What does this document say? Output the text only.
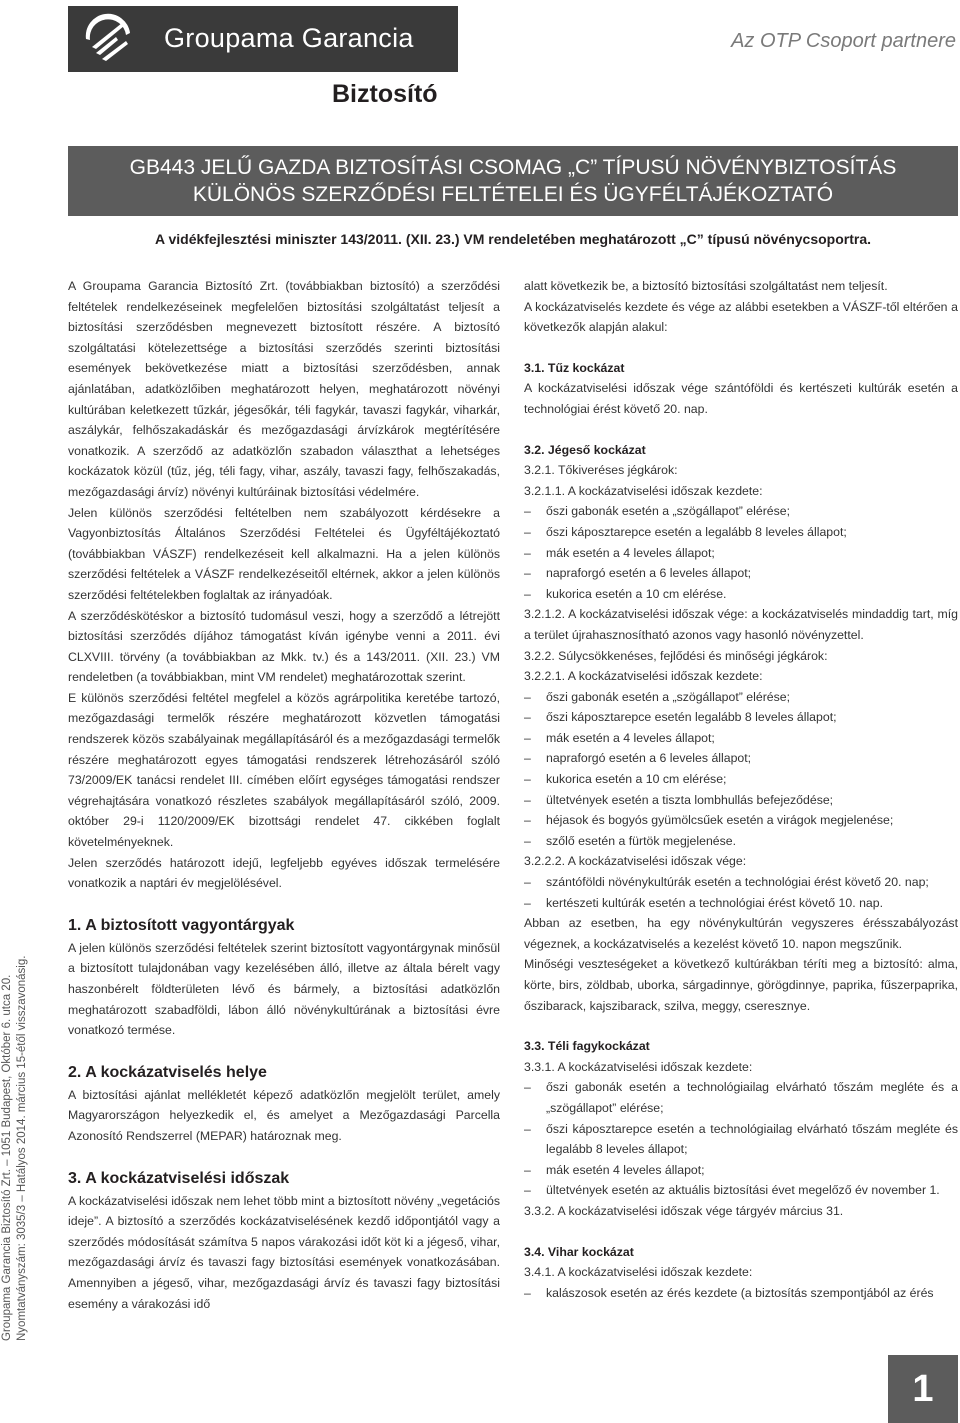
Groupama Garancia	Az OTP Csoport partnere
Biztosító
GB443 JELŰ GAZDA BIZTOSÍTÁSI CSOMAG „C” TÍPUSÚ NÖVÉNYBIZTOSÍTÁS
KÜLÖNÖS SZERZŐDÉSI FELTÉTELEI ÉS ÜGYFÉLTÁJÉKOZTATÓ
A vidékfejlesztési miniszter 143/2011. (XII. 23.) VM rendeletében meghatározott „C” típusú növénycsoportra.
Groupama Garancia Biztosító Zrt. – 1051 Budapest, Október 6. utca 20. Nyomtatványszám: 3035/3 – Hatályos 2014. március 15-étől visszavonásig.

A Groupama Garancia Biztosító Zrt. (továbbiakban biztosító) a szerződési feltételek rendelkezéseinek megfelelően biztosítási szolgáltatást teljesít a biztosítási szerződésben megnevezett biztosított részére. A biztosító szolgáltatási kötelezettsége a biztosítási szerződés szerinti biztosítási események bekövetkezése miatt a biztosítási szerződésben, annak ajánlatában, adatközlőiben meghatározott helyen, meghatározott növényi kultúrában keletkezett tűzkár, jégesőkár, téli fagykár, tavaszi fagykár, viharkár, aszálykár, felhőszakadáskár és mezőgazdasági árvízkárok megtérítésére vonatkozik. A szerződő az adatközlőn szabadon választhat a lehetséges kockázatok közül (tűz, jég, téli fagy, vihar, aszály, tavaszi fagy, felhőszakadás, mezőgazdasági árvíz) növényi kultúráinak biztosítási védelmére.

Jelen különös szerződési feltételben nem szabályozott kérdésekre a Vagyonbiztosítás Általános Szerződési Feltételei és Ügyféltájékoztató (továbbiakban VÁSZF) rendelkezéseit kell alkalmazni. Ha a jelen különös szerződési feltételek a VÁSZF rendelkezéseitől eltérnek, akkor a jelen különös szerződési feltételekben foglaltak az irányadóak.

A szerződéskötéskor a biztosító tudomásul veszi, hogy a szerződő a létrejött biztosítási szerződés díjához támogatást kíván igénybe venni a 2011. évi CLXVIII. törvény (a továbbiakban az Mkk. tv.) és a 143/2011. (XII. 23.) VM rendeletben (a továbbiakban, mint VM rendelet) meghatározottak szerint.

E különös szerződési feltétel megfelel a közös agrárpolitika keretébe tartozó, mezőgazdasági termelők részére meghatározott közvetlen támogatási rendszerek közös szabályainak megállapításáról és a mezőgazdasági termelők részére meghatározott egyes támogatási rendszerek létrehozásáról szóló 73/2009/EK tanácsi rendelet III. címében előírt egységes támogatási rendszer végrehajtására vonatkozó részletes szabályok megállapításáról szóló, 2009. október 29-i 1120/2009/EK bizottsági rendelet 47. cikkében foglalt követelményeknek.

Jelen szerződés határozott idejű, legfeljebb egyéves időszak termelésére vonatkozik a naptári év megjelölésével.

1. A biztosított vagyontárgyak

A jelen különös szerződési feltételek szerint biztosított vagyontárgynak minősül a biztosított tulajdonában vagy kezelésében álló, illetve az általa bérelt vagy haszonbérelt földterületen lévő és bármely, a biztosítási adatközlőn meghatározott szabadföldi, lábon álló növénykultúrának a biztosítási évre vonatkozó termése.

2. A kockázatviselés helye

A biztosítási ajánlat mellékletét képező adatközlőn megjelölt terület, amely Magyarországon helyezkedik el, és amelyet a Mezőgazdasági Parcella Azonosító Rendszerrel (MEPAR) határoznak meg.

3. A kockázatviselési időszak

A kockázatviselési időszak nem lehet több mint a biztosított növény „vegetációs ideje”. A biztosító a szerződés kockázatviselésének kezdő időpontjától vagy a szerződés módosítását számítva 5 napos várakozási időt köt ki a jégeső, vihar, mezőgazdasági árvíz és tavaszi fagy biztosítási események vonatkozásában. Amennyiben a jégeső, vihar, mezőgazdasági árvíz és tavaszi fagy biztosítási esemény a várakozási idő

alatt következik be, a biztosító biztosítási szolgáltatást nem teljesít.

A kockázatviselés kezdete és vége az alábbi esetekben a VÁSZF-től eltérően a következők alapján alakul:

3.1. Tűz kockázat

A kockázatviselési időszak vége szántóföldi és kertészeti kultúrák esetén a technológiai érést követő 20. nap.

3.2. Jégeső kockázat

3.2.1. Tőkiveréses jégkárok:

3.2.1.1. A kockázatviselési időszak kezdete:

– őszi gabonák esetén a „szögállapot” elérése;

– őszi káposztarepce esetén a legalább 8 leveles állapot;

– mák esetén a 4 leveles állapot;

– napraforgó esetén a 6 leveles állapot;

– kukorica esetén a 10 cm elérése.

3.2.1.2. A kockázatviselési időszak vége: a kockázatviselés mindaddig tart, míg a terület újrahasznosítható azonos vagy hasonló növényzettel.

3.2.2. Súlycsökkenéses, fejlődési és minőségi jégkárok:

3.2.2.1. A kockázatviselési időszak kezdete:

– őszi gabonák esetén a „szögállapot” elérése;

– őszi káposztarepce esetén legalább 8 leveles állapot;

– mák esetén a 4 leveles állapot;

– napraforgó esetén a 6 leveles állapot;

– kukorica esetén a 10 cm elérése;

– ültetvények esetén a tiszta lombhullás befejeződése;

– héjasok és bogyós gyümölcsűek esetén a virágok megjelenése;

– szőlő esetén a fürtök megjelenése.

3.2.2.2. A kockázatviselési időszak vége:

– szántóföldi növénykultúrák esetén a technológiai érést követő 20. nap;

– kertészeti kultúrák esetén a technológiai érést követő 10. nap.

Abban az esetben, ha egy növénykultúrán vegyszeres érésszabályozást végeznek, a kockázatviselés a kezelést követő 10. napon megszűnik.

Minőségi veszteségeket a következő kultúrákban téríti meg a biztosító: alma, körte, birs, zöldbab, uborka, sárgadinnye, görögdinnye, paprika, fűszerpaprika, őszibarack, kajszibarack, szilva, meggy, cseresznye.

3.3. Téli fagykockázat

3.3.1. A kockázatviselési időszak kezdete:

– őszi gabonák esetén a technológiailag elvárható tőszám megléte és a „szögállapot” elérése;

– őszi káposztarepce esetén a technológiailag elvárható tőszám megléte és legalább 8 leveles állapot;

– mák esetén 4 leveles állapot;

– ültetvények esetén az aktuális biztosítási évet megelőző év november 1.

3.3.2. A kockázatviselési időszak vége tárgyév március 31.

3.4. Vihar kockázat

3.4.1. A kockázatviselési időszak kezdete:

– kalászosok esetén az érés kezdete (a biztosítás szempontjából az érés

1
